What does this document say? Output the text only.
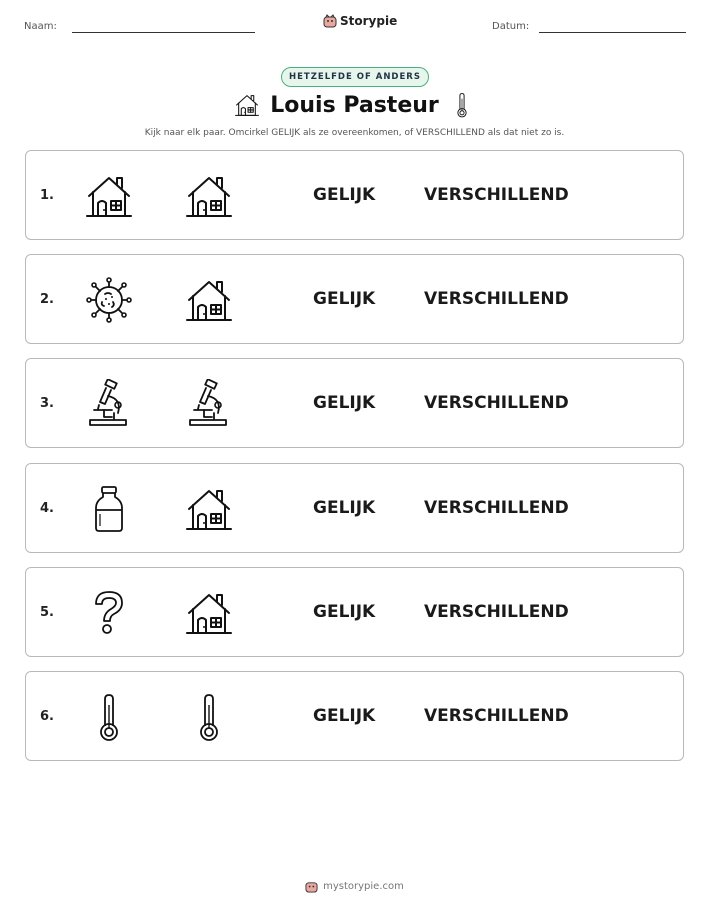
Naam:	Storypie	Datum:
HETZELFDE OF ANDERS
Louis Pasteur
Kijk naar elk paar. Omcirkel GELIJK als ze overeenkomen, of VERSCHILLEND als dat niet zo is.
1.	GELIJK	VERSCHILLEND
2.	GELIJK	VERSCHILLEND
3.	GELIJK	VERSCHILLEND
4.	GELIJK	VERSCHILLEND
5.	GELIJK	VERSCHILLEND
6.	GELIJK	VERSCHILLEND
mystorypie.com
